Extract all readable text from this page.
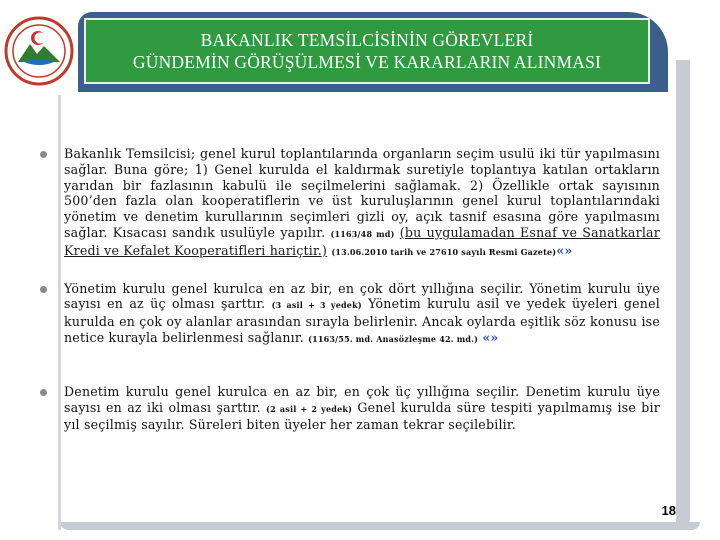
BAKANLIK TEMSİLCİSİNİN GÖREVLERİ
GÜNDEMİN GÖRÜŞÜLMESİ VE KARARLARIN ALINMASI
Bakanlık Temsilcisi; genel kurul toplantılarında organların seçim usulü iki tür yapılmasını sağlar. Buna göre; 1) Genel kurulda el kaldırmak suretiyle toplantıya katılan ortakların yarıdan bir fazlasının kabulü ile seçilmelerini sağlamak. 2) Özellikle ortak sayısının 500’den fazla olan kooperatiflerin ve üst kuruluşlarının genel kurul toplantılarındaki yönetim ve denetim kurullarının seçimleri gizli oy, açık tasnif esasına göre yapılmasını sağlar. Kısacası sandık usulüyle yapılır. (1163/48 md) (bu uygulamadan Esnaf ve Sanatkarlar Kredi ve Kefalet Kooperatifleri hariçtir.) (13.06.2010 tarih ve 27610 sayılı Resmi Gazete)«»
Yönetim kurulu genel kurulca en az bir, en çok dört yıllığına seçilir. Yönetim kurulu üye sayısı en az üç olması şarttır. (3 asil + 3 yedek) Yönetim kurulu asil ve yedek üyeleri genel kurulda en çok oy alanlar arasından sırayla belirlenir. Ancak oylarda eşitlik söz konusu ise netice kurayla belirlenmesi sağlanır. (1163/55. md. Anasözleşme 42. md.) «»
Denetim kurulu genel kurulca en az bir, en çok üç yıllığına seçilir. Denetim kurulu üye sayısı en az iki olması şarttır. (2 asil + 2 yedek) Genel kurulda süre tespiti yapılmamış ise bir yıl seçilmiş sayılır. Süreleri biten üyeler her zaman tekrar seçilebilir.
18
